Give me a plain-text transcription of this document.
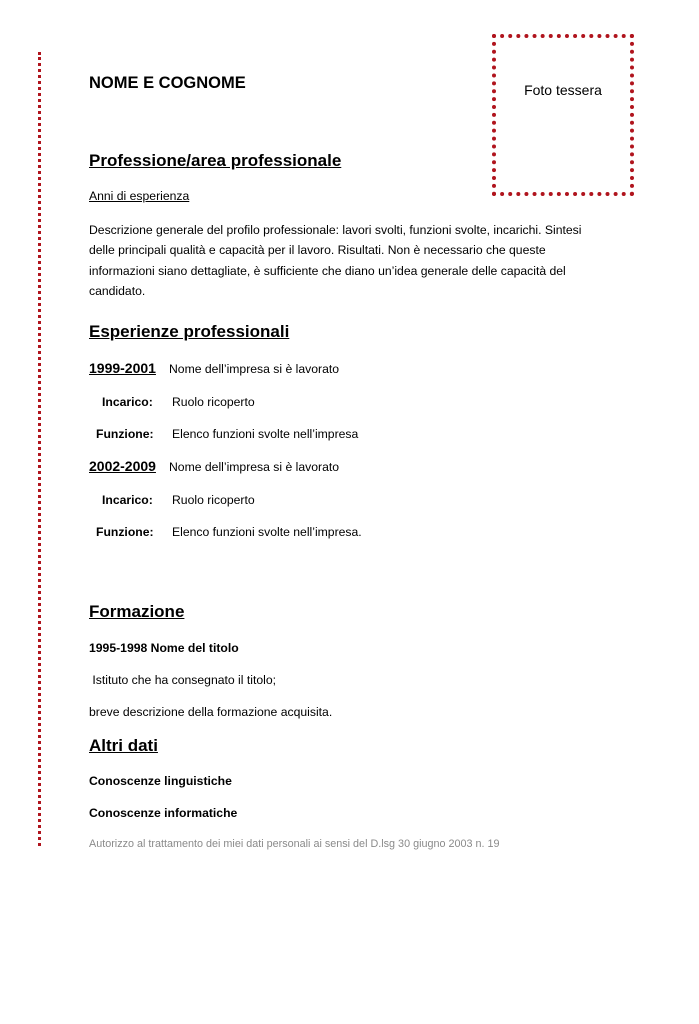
Foto tessera
NOME E COGNOME
Professione/area professionale
Anni di esperienza
Descrizione generale del profilo professionale: lavori svolti, funzioni svolte, incarichi. Sintesi delle principali qualità e capacità per il lavoro. Risultati. Non è necessario che queste informazioni siano dettagliate, è sufficiente che diano un’idea generale delle capacità del candidato.
Esperienze professionali
1999-2001 Nome dell’impresa si è lavorato
Incarico: Ruolo ricoperto
Funzione: Elenco funzioni svolte nell’impresa
2002-2009 Nome dell’impresa si è lavorato
Incarico: Ruolo ricoperto
Funzione: Elenco funzioni svolte nell’impresa.
Formazione
1995-1998 Nome del titolo
Istituto che ha consegnato il titolo;
breve descrizione della formazione acquisita.
Altri dati
Conoscenze linguistiche
Conoscenze informatiche
Autorizzo al trattamento dei miei dati personali ai sensi del D.lsg 30 giugno 2003 n. 19
